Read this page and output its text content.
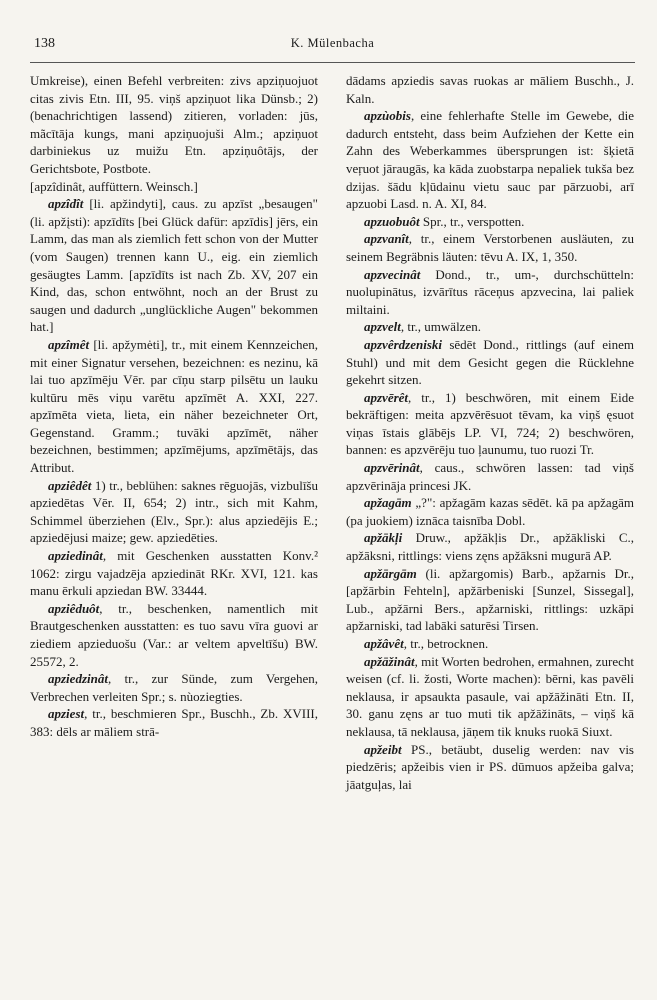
138	K. Mülenbacha

Umkreise), einen Befehl verbreiten: zivs apziņuojuot citas zivis Etn. III, 95. viņš apziņuot lika Dünsb.; 2) (benachrichtigen lassend) zitieren, vorladen: jūs, mãcītāja kungs, mani apziņuojuši Alm.; apziņuot darbiniekus uz muižu Etn. apziņuôtājs, der Gerichtsbote, Postbote.

[apzîdinât, auffüttern. Weinsch.]

apzîdît [li. apžindyti], caus. zu apzīst „besaugen" (li. apžįsti): apzīdīts [bei Glück dafür: apzīdis] jērs, ein Lamm, das man als ziemlich fett schon von der Mutter (vom Saugen) trennen kann U., eig. ein ziemlich gesäugtes Lamm. [apzīdīts ist nach Zb. XV, 207 ein Kind, das, schon entwöhnt, noch an der Brust zu saugen und dadurch „unglückliche Augen" bekommen hat.]

apzîmêt [li. apžymėti], tr., mit einem Kennzeichen, mit einer Signatur versehen, bezeichnen: es nezinu, kā lai tuo apzīmēju Vēr. par cīņu starp pilsētu un lauku kultūru mēs viņu varētu apzīmēt A. XXI, 227. apzīmēta vieta, lieta, ein näher bezeichneter Ort, Gegenstand. Gramm.; tuvāki apzīmēt, näher bezeichnen, bestimmen; apzīmējums, apzīmētājs, das Attribut.

apziêdêt 1) tr., beblühen: saknes rēguojās, vizbulīšu apziedētas Vēr. II, 654; 2) intr., sich mit Kahm, Schimmel überziehen (Elv., Spr.): alus apziedējis E.; apziedējusi maize; gew. apziedēties.

apziedinât, mit Geschenken ausstatten Konv.² 1062: zirgu vajadzēja apziedināt RKr. XVI, 121. kas manu ērkuli apziedan BW. 33444.

apziêduôt, tr., beschenken, namentlich mit Brautgeschenken ausstatten: es tuo savu vīra guovi ar ziediem apzieduošu (Var.: ar veltem apveltīšu) BW. 25572, 2.

apziedzinât, tr., zur Sünde, zum Vergehen, Verbrechen verleiten Spr.; s. nùoziegties.

apziest, tr., beschmieren Spr., Buschh., Zb. XVIII, 383: dēls ar māliem strā-

dādams apziedis savas ruokas ar māliem Buschh., J. Kaln.

apzùobis, eine fehlerhafte Stelle im Gewebe, die dadurch entsteht, dass beim Aufziehen der Kette ein Zahn des Weberkammes übersprungen ist: šķietā veŗuot jāraugās, ka kāda zuobstarpa nepaliek tukša bez dzijas. šādu kļūdainu vietu sauc par pārzuobi, arī apzuobi Lasd. n. A. XI, 84.

apzuobuôt Spr., tr., verspotten.

apzvanît, tr., einem Verstorbenen ausläuten, zu seinem Begräbnis läuten: tēvu A. IX, 1, 350.

apzvecinât Dond., tr., um-, durchschütteln: nuolupinātus, izvārītus rāceņus apzvecina, lai paliek miltaini.

apzvelt, tr., umwälzen.

apzvêrdzeniski sēdēt Dond., rittlings (auf einem Stuhl) und mit dem Gesicht gegen die Rücklehne gekehrt sitzen.

apzvērêt, tr., 1) beschwören, mit einem Eide bekräftigen: meita apzvērēsuot tēvam, ka viņš ęsuot viņas īstais glābējs LP. VI, 724; 2) beschwören, bannen: es apzvērēju tuo ļaunumu, tuo ruozi Tr.

apzvērinât, caus., schwören lassen: tad viņš apzvērināja princesi JK.

apžagām „?": apžagām kazas sēdēt. kā pa apžagām (pa juokiem) iznāca taisnība Dobl.

apžākļi Druw., apžākļis Dr., apžākliski C., apžāksni, rittlings: viens zęns apžāksni mugurā AP.

apžārgām (li. apžargomis) Barb., apžarnis Dr., [apžārbin Fehteln], apžārbeniski [Sunzel, Sissegal], Lub., apžārni Bers., apžarniski, rittlings: uzkāpi apžarniski, tad labāki saturēsi Tirsen.

apžâvêt, tr., betrocknen.

apžāžinât, mit Worten bedrohen, ermahnen, zurecht weisen (cf. li. žosti, Worte machen): bērni, kas pavēli neklausa, ir apsaukta pasaule, vai apžāžināti Etn. II, 30. ganu zęns ar tuo muti tik apžāžināts, – viņš kā neklausa, tā neklausa, jāņem tik knuks ruokā Siuxt.

apžeibt PS., betäubt, duselig werden: nav vis piedzēris; apžeibis vien ir PS. dūmuos apžeiba galva; jāatguļas, lai
